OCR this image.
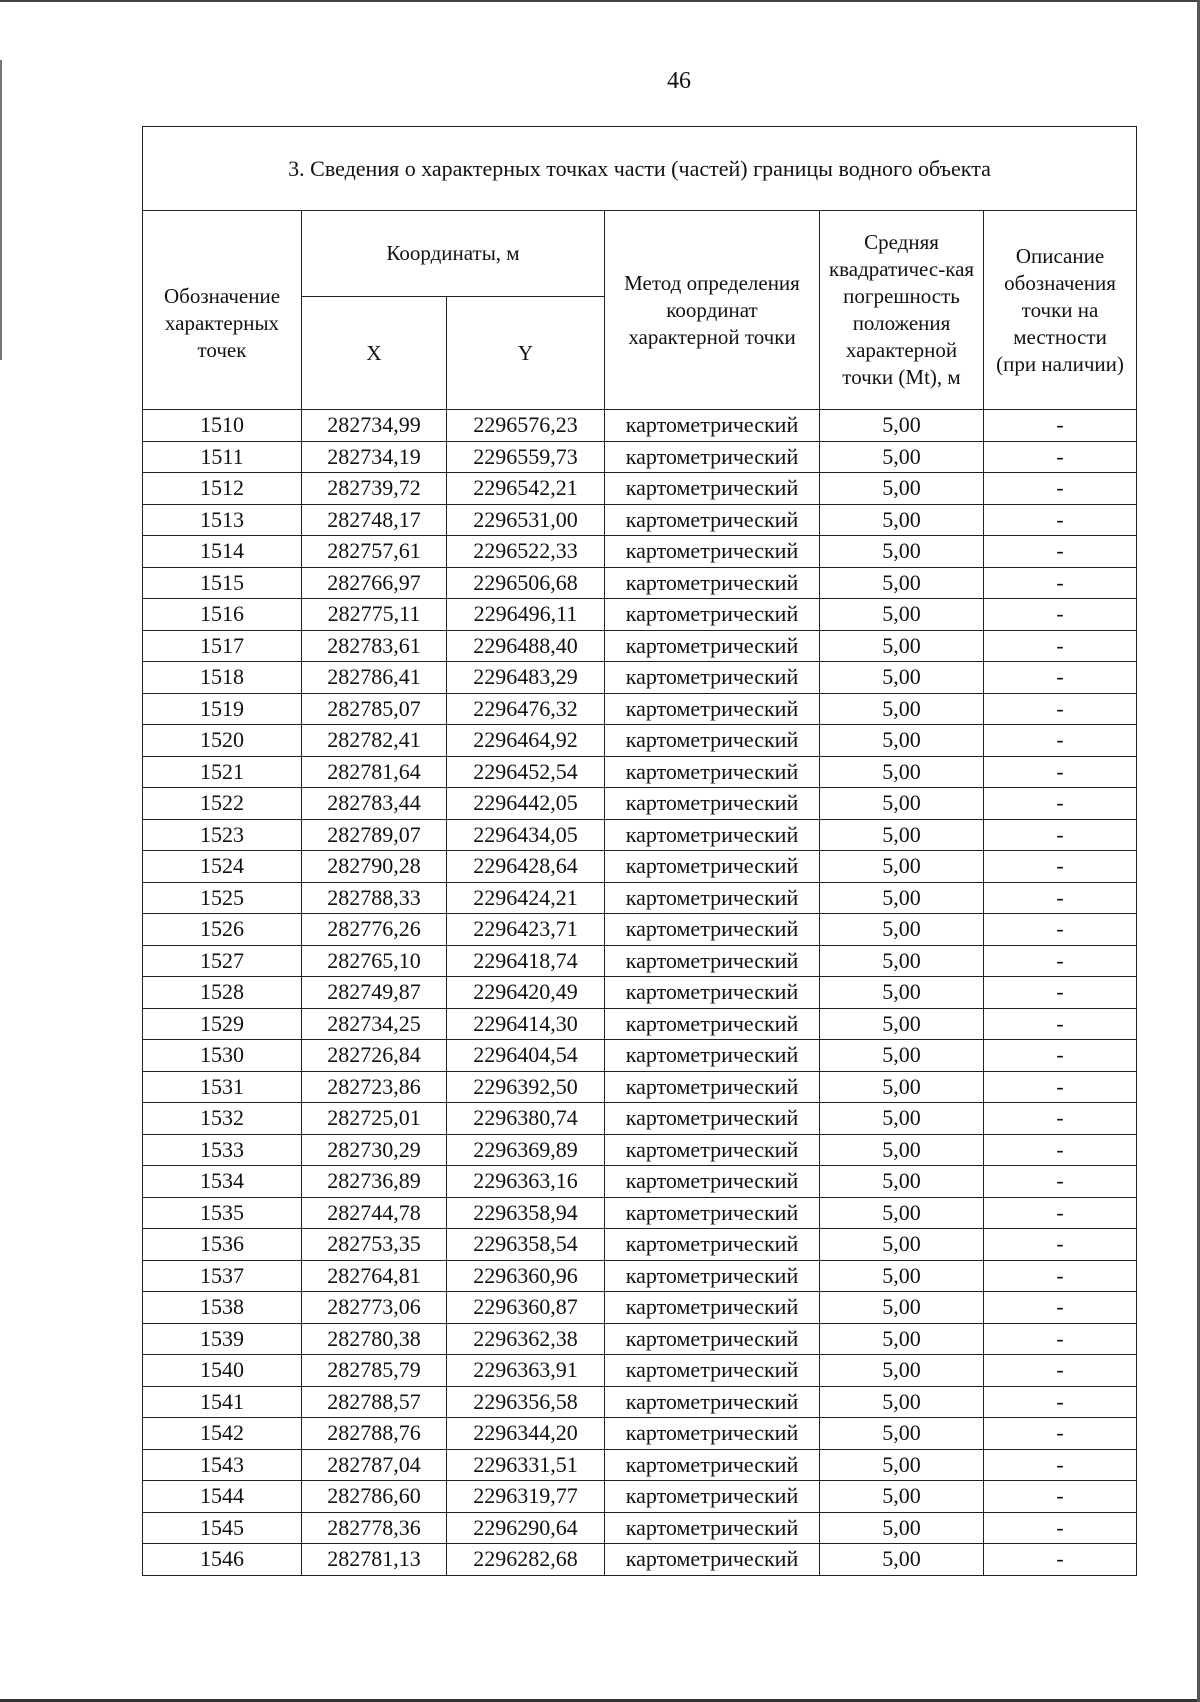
46
3. Сведения о характерных точках части (частей) границы водного объекта					
Обозначение характерных точек	Координаты, м		Метод определения координат характерной точки	Средняя квадратичес-кая погрешность положения характерной точки (Mt), м	Описание обозначения точки на местности (при наличии)
	X	Y			
1510	282734,99	2296576,23	картометрический	5,00	-
1511	282734,19	2296559,73	картометрический	5,00	-
1512	282739,72	2296542,21	картометрический	5,00	-
1513	282748,17	2296531,00	картометрический	5,00	-
1514	282757,61	2296522,33	картометрический	5,00	-
1515	282766,97	2296506,68	картометрический	5,00	-
1516	282775,11	2296496,11	картометрический	5,00	-
1517	282783,61	2296488,40	картометрический	5,00	-
1518	282786,41	2296483,29	картометрический	5,00	-
1519	282785,07	2296476,32	картометрический	5,00	-
1520	282782,41	2296464,92	картометрический	5,00	-
1521	282781,64	2296452,54	картометрический	5,00	-
1522	282783,44	2296442,05	картометрический	5,00	-
1523	282789,07	2296434,05	картометрический	5,00	-
1524	282790,28	2296428,64	картометрический	5,00	-
1525	282788,33	2296424,21	картометрический	5,00	-
1526	282776,26	2296423,71	картометрический	5,00	-
1527	282765,10	2296418,74	картометрический	5,00	-
1528	282749,87	2296420,49	картометрический	5,00	-
1529	282734,25	2296414,30	картометрический	5,00	-
1530	282726,84	2296404,54	картометрический	5,00	-
1531	282723,86	2296392,50	картометрический	5,00	-
1532	282725,01	2296380,74	картометрический	5,00	-
1533	282730,29	2296369,89	картометрический	5,00	-
1534	282736,89	2296363,16	картометрический	5,00	-
1535	282744,78	2296358,94	картометрический	5,00	-
1536	282753,35	2296358,54	картометрический	5,00	-
1537	282764,81	2296360,96	картометрический	5,00	-
1538	282773,06	2296360,87	картометрический	5,00	-
1539	282780,38	2296362,38	картометрический	5,00	-
1540	282785,79	2296363,91	картометрический	5,00	-
1541	282788,57	2296356,58	картометрический	5,00	-
1542	282788,76	2296344,20	картометрический	5,00	-
1543	282787,04	2296331,51	картометрический	5,00	-
1544	282786,60	2296319,77	картометрический	5,00	-
1545	282778,36	2296290,64	картометрический	5,00	-
1546	282781,13	2296282,68	картометрический	5,00	-
